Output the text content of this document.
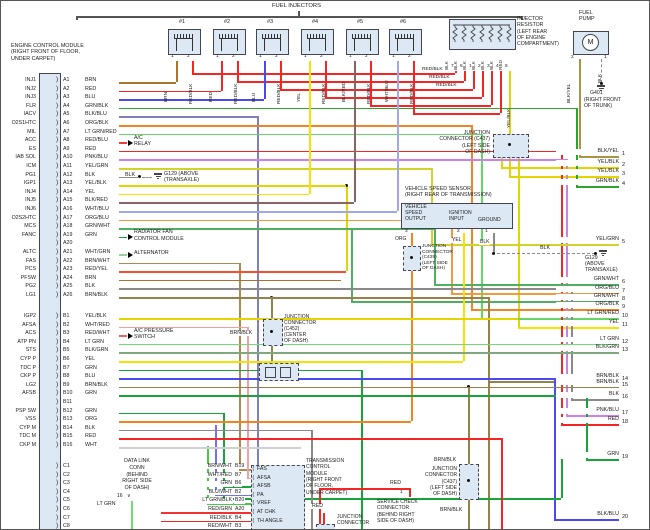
FUEL INJECTORS
ENGINE CONTROL MODULE
(RIGHT FRONT OF FLOOR,
UNDER CARPET)
) A1
INJ1	BRN
) A2
INJ2	RED
) A3
INJ3	BLU
) A4
FLR	GRN/BLK
) A5
IACV	BLK/BLU
) A6
O2S1HTC	ORG/BLK
) A7
MIL	LT GRN/RED
) A8
ACC	RED/BLU	A/C
RELAY
) A9
ES	RED
) A10
IAB SOL	PNK/BLU
) A11
ICM	YEL/GRN
) A12
PG1	BLK	BLK	G129 (ABOVE
(TRANSAXLE)
) A13
IGP1	YEL/BLK
) A14
INJ4	YEL
) A15
INJ5	BLK/RED
) A16
INJ6	WHT/BLU
) A17
O2S2HTC	ORG/BLU
) A18
MCS	GRN/WHT
) A19
FANC	GRN	RADIATOR FAN
CONTROL MODULE
) A20
) A21
ALTC	WHT/GRN	ALTERNATOR
) A22
FAS	BRN/WHT
) A23
PCS	RED/YEL
) A24
PFSW	BRN
) A25
PG2	BLK
) A26
LG1	BRN/BLK
) B1
IGP2	YEL/BLK
) B2
AFSA	WHT/RED
) B3
ACS	RED/WHT	A/C PRESSURE
SWITCH
) B4
ATP PN	LT GRN
) B5
STS	BLK/GRN
) B6
CYP P	YEL
) B7
TDC P	GRN
) B8
CKP P	BLU
) B9
LG2	BRN/BLK
) B10
AFSB	GRN
) B11
) B12
PSP SW	GRN
) B13
VSS	ORG
) B14
CYP M	BLK
) B15
TDC M	RED
) B16
CKP M	WHT
) C1
) C2
) C3
) C4
) C5
) C6
) C7
) C8
#1
1	2
BRN	RED/BLK
#2
1	2
RED	RED/BLK
#3
1	2
BLU	RED/BLK
#4
1	2
YEL	RED/BLK
#5
1	2
BLK/RED	RED/BLK
#6
1	2
WHT/BLU	RED/BLK
INJECTOR
RESISTOR
(LEFT REAR
OF ENGINE
COMPARTMENT)
BLK 7 BLK 6 BLK 1 BLK 2 BLK 3 BLK 4 RED 5
YEL/BLK
RED/BLK
RED/BLK
RED/BLK
FUEL
PUMP
M
2	1
BLK/YEL
BLK
G401
(RIGHT FRONT
OF TRUNK)
BLK/YEL 1
YEL/BLK 2
YEL/BLK 3
GRN/BLK 4
YEL/GRN 5
GRN/WHT 6
ORG/BLU 7
GRN/WHT 8
ORG/BLK 9
LT GRN/RED 10
YEL 11
LT GRN 12
BLK/GRN 13
BRN/BLK 14
BRN/BLK 15
BLK 16
PNK/BLU 17
RED 18
GRN 19
BLK/BLU 20
BLK
G129
(ABOVE
TRANSAXLE)
JUNCTION
CONNECTOR (C437)
(LEFT SIDE
OF DASH)
VEHICLE SPEED SENSOR
(RIGHT REAR OF TRANSMISSION)
VEHICLE
SPEED
OUTPUT
IGNITION
INPUT	GROUND
3	2	1
ORG	YEL	BLK
JUNCTION
CONNECTOR
(C429)
(LEFT SIDE
OF DASH)
JUNCTION
CONNECTOR
(C452)
(CENTER
OF DASH)
BRN/BLK
( FAS
( AFSA
( AFSB
( PA
( VREF
( AT CHK
( TH ANGLE
BRN/WHT B19
WHT/RED B7
GRN B6
BLU/WHT B2
LT GRN/BLK B20
RED/GRN A20
RED/BLK B4
RED/WHT B3
TRANSMISSION
CONTROL
MODULE
(RIGHT FRONT
OF FLOOR,
UNDER CARPET)
RED
JUNCTION
CONNECTOR
RED
1
SERVICE CHECK
CONNECTOR
(BEHIND RIGHT
SIDE OF DASH)
BRN/BLK
JUNCTION
CONNECTOR
(C437)
(LEFT SIDE
OF DASH)
BRN/BLK
DATA LINK
CONN
(BEHIND
RIGHT SIDE
OF DASH)
16 ∨
LT GRN
